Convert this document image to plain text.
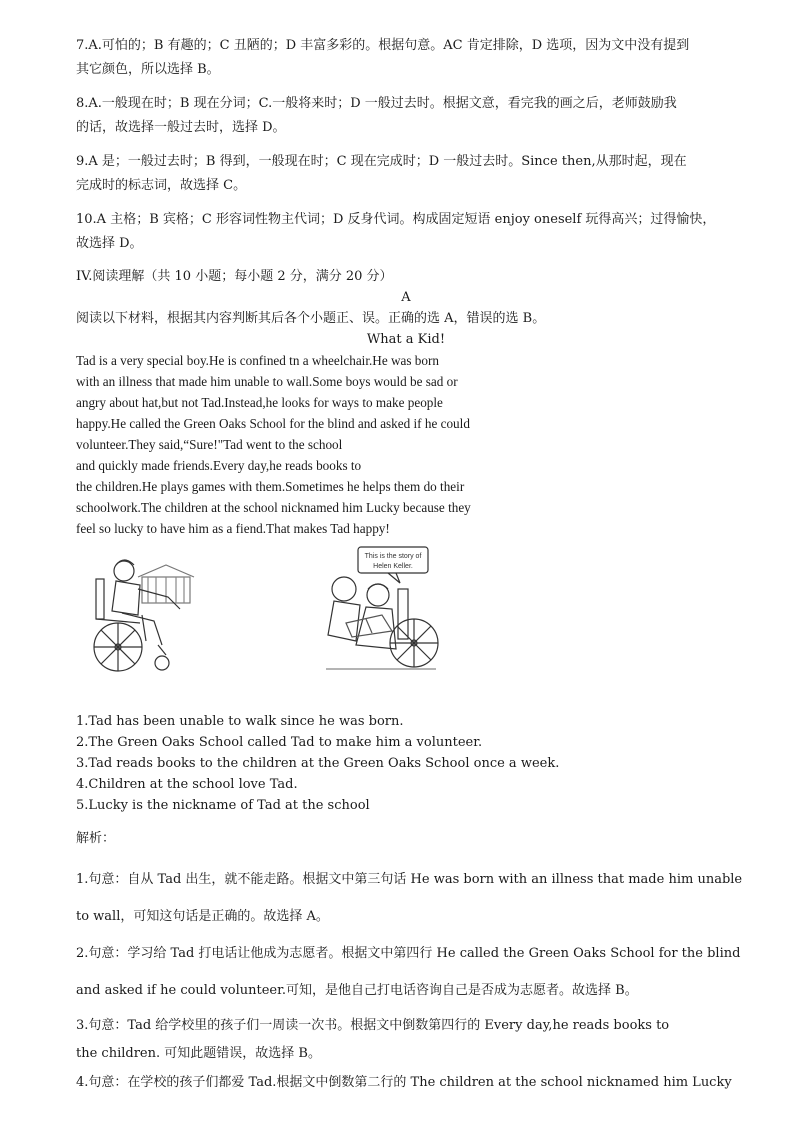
7.A.可怕的；B 有趣的；C 丑陋的；D 丰富多彩的。根据句意。AC 肯定排除，D 选项，因为文中没有提到
其它颜色，所以选择 B。
8.A.一般现在时；B 现在分词；C.一般将来时；D 一般过去时。根据文意，看完我的画之后，老师鼓励我
的话，故选择一般过去时，选择 D。
9.A 是；一般过去时；B 得到，一般现在时；C 现在完成时；D 一般过去时。Since then,从那时起，现在
完成时的标志词，故选择 C。
10.A 主格；B 宾格；C 形容词性物主代词；D 反身代词。构成固定短语 enjoy oneself 玩得高兴；过得愉快，
故选择 D。
IV.阅读理解（共 10 小题；每小题 2 分，满分 20 分）
A
阅读以下材料，根据其内容判断其后各个小题正、误。正确的选 A，错误的选 B。
What a Kid!
Tad is a very special boy.He is confined tn a wheelchair.He was born
with an illness that made him unable to wall.Some boys would be sad or
angry about hat,but not Tad.Instead,he looks for ways to make people
happy.He called the Green Oaks School for the blind and asked if he could
volunteer.They said,“Sure!"Tad went to the school
and quickly made friends.Every day,he reads books to
the children.He plays games with them.Sometimes he helps them do their
schoolwork.The children at the school nicknamed him Lucky because they
feel so lucky to have him as a fiend.That makes Tad happy!
This is the story of
Helen Keller.
1.Tad has been unable to walk since he was born.
2.The Green Oaks School called Tad to make him a volunteer.
3.Tad reads books to the children at the Green Oaks School once a week.
4.Children at the school love Tad.
5.Lucky is the nickname of Tad at the school
解析：
1.句意：自从 Tad 出生，就不能走路。根据文中第三句话 He was born with an illness that made him unable
to wall，可知这句话是正确的。故选择 A。
2.句意：学习给 Tad 打电话让他成为志愿者。根据文中第四行 He called the Green Oaks School for the blind
and asked if he could volunteer.可知，是他自己打电话咨询自己是否成为志愿者。故选择 B。
3.句意：Tad 给学校里的孩子们一周读一次书。根据文中倒数第四行的 Every day,he reads books to
the children. 可知此题错误，故选择 B。
4.句意：在学校的孩子们都爱 Tad.根据文中倒数第二行的 The children at the school nicknamed him Lucky
